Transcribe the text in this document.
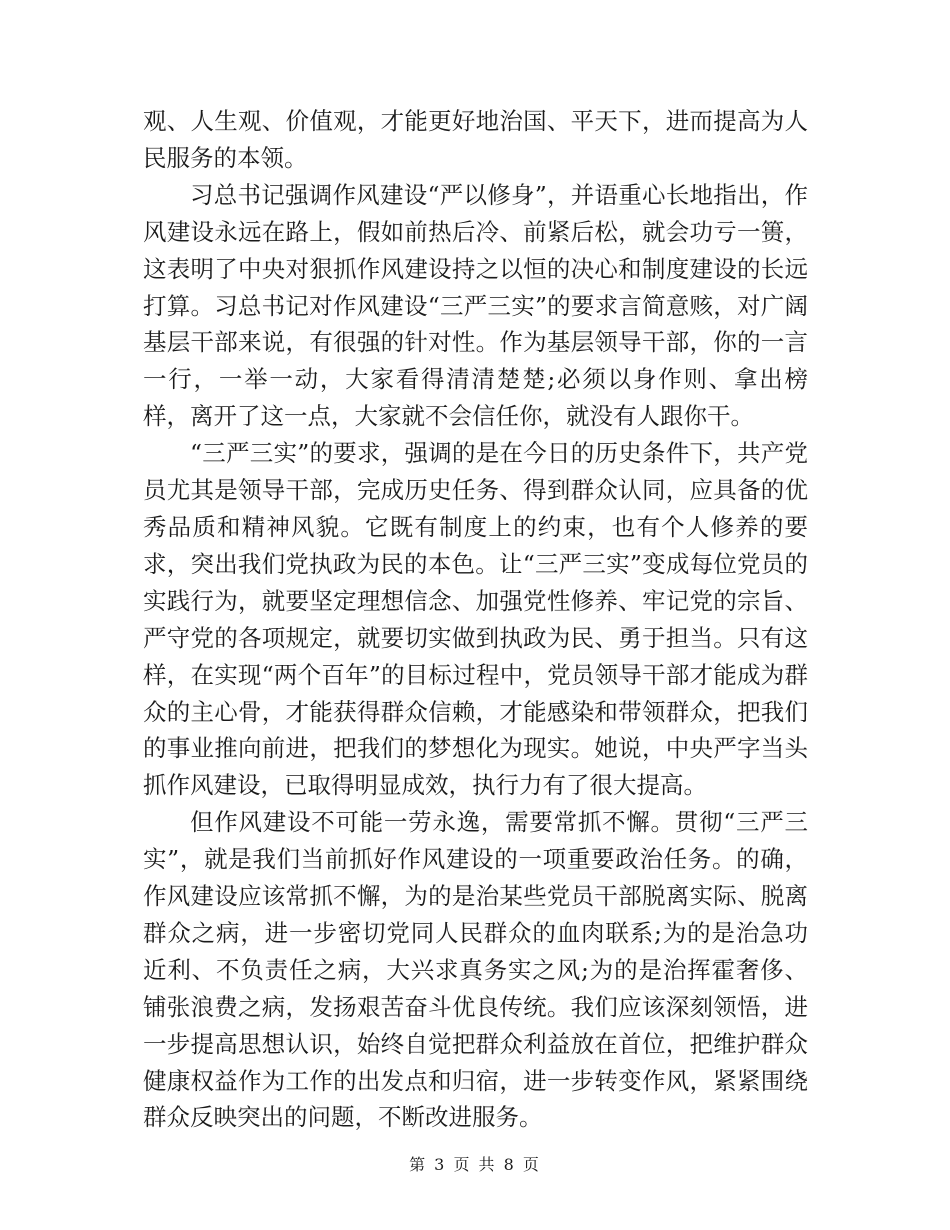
观、人生观、价值观，才能更好地治国、平天下，进而提高为人民服务的本领。

习总书记强调作风建设“严以修身”，并语重心长地指出，作风建设永远在路上，假如前热后冷、前紧后松，就会功亏一篑，这表明了中央对狠抓作风建设持之以恒的决心和制度建设的长远打算。习总书记对作风建设“三严三实”的要求言简意赅，对广阔基层干部来说，有很强的针对性。作为基层领导干部，你的一言一行，一举一动，大家看得清清楚楚;必须以身作则、拿出榜样，离开了这一点，大家就不会信任你，就没有人跟你干。

“三严三实”的要求，强调的是在今日的历史条件下，共产党员尤其是领导干部，完成历史任务、得到群众认同，应具备的优秀品质和精神风貌。它既有制度上的约束，也有个人修养的要求，突出我们党执政为民的本色。让“三严三实”变成每位党员的实践行为，就要坚定理想信念、加强党性修养、牢记党的宗旨、严守党的各项规定，就要切实做到执政为民、勇于担当。只有这样，在实现“两个百年”的目标过程中，党员领导干部才能成为群众的主心骨，才能获得群众信赖，才能感染和带领群众，把我们的事业推向前进，把我们的梦想化为现实。她说，中央严字当头抓作风建设，已取得明显成效，执行力有了很大提高。

但作风建设不可能一劳永逸，需要常抓不懈。贯彻“三严三实”，就是我们当前抓好作风建设的一项重要政治任务。的确，作风建设应该常抓不懈，为的是治某些党员干部脱离实际、脱离群众之病，进一步密切党同人民群众的血肉联系;为的是治急功近利、不负责任之病，大兴求真务实之风;为的是治挥霍奢侈、铺张浪费之病，发扬艰苦奋斗优良传统。我们应该深刻领悟，进一步提高思想认识，始终自觉把群众利益放在首位，把维护群众健康权益作为工作的出发点和归宿，进一步转变作风，紧紧围绕群众反映突出的问题，不断改进服务。

第 3 页 共 8 页
